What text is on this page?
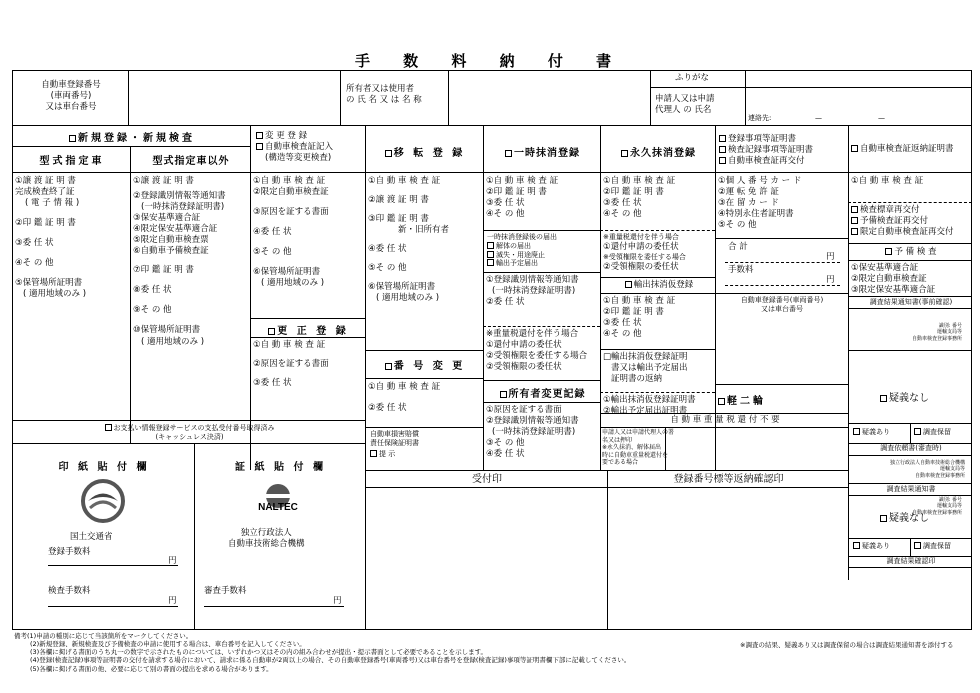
手 数 料 納 付 書
自動車登録番号
(車両番号)
又は車台番号
所有者又は使用者
の 氏 名 又 は 名 称
ふりがな
申請人又は申請
代理人 の 氏名
連絡先:	—	—
新規登録・新規検査
型式指定車	型式指定車以外
①譲 渡 証 明 書
完成検査終了証
( 電 子 情 報 )
②印 鑑 証 明 書
③委 任 状
④そ の 他
⑤保管場所証明書
( 適用地域のみ )
①譲 渡 証 明 書
②登録識別情報等通知書
(一時抹消登録証明書)
③保安基準適合証
④限定保安基準適合証
⑤限定自動車検査票
⑥自動車予備検査証
⑦印 鑑 証 明 書
⑧委 任 状
⑨そ の 他
⑩保管場所証明書
( 適用地域のみ )
変 更 登 録
自動車検査証記入
(構造等変更検査)
①自 動 車 検 査 証
②限定自動車検査証
③原因を証する書面
④委 任 状
⑤そ の 他
⑥保管場所証明書
( 適用地域のみ )
更 正 登 録
①自 動 車 検 査 証
②原因を証する書面
③委 任 状
移 転 登 録
①自 動 車 検 査 証
②譲 渡 証 明 書
③印 鑑 証 明 書
新・旧所有者
④委 任 状
⑤そ の 他
⑥保管場所証明書
( 適用地域のみ )
番 号 変 更
①自 動 車 検 査 証
②委 任 状
自動車損害賠償
責任保険証明書
提 示
一時抹消登録
①自 動 車 検 査 証
②印 鑑 証 明 書
③委 任 状
④そ の 他
一時抹消登録後の届出
解体の届出
滅失・用途廃止
輸出予定届出
①登録識別情報等通知書
(一時抹消登録証明書)
②委 任 状
※重量税還付を伴う場合
①還付申請の委任状
②受領権限を委任する場合
②受領権限の委任状
所有者変更記録
①原因を証する書面
②登録識別情報等通知書
(一時抹消登録証明書)
③そ の 他
④委 任 状
永久抹消登録
①自 動 車 検 査 証
②印 鑑 証 明 書
③委 任 状
④そ の 他
※重量税還付を伴う場合
①還付申請の委任状
※受領権限を委任する場合
②受領権限の委任状
輸出抹消仮登録
①自 動 車 検 査 証
②印 鑑 証 明 書
③委 任 状
④そ の 他
□輸出抹消仮登録証明
書又は輸出予定届出
証明書の返納
①輸出抹消仮登録証明書
②輸出予定届出証明書
自 動 車 重 量 税 還 付 不 要
申請人又は申請代理人の署
名又は押印
※永久抹消、解体届出
時に自動車重量税還付を
要である場合
登録事項等証明書
検査記録事項等証明書
自動車検査証再交付
①個 人 番 号 カ ー ド
②運 転 免 許 証
③在 留 カ ー ド
④特別永住者証明書
⑤そ の 他
合 計
円
手数料
円
自動車登録番号(車両番号)
又は車台番号
軽二輪
自動車検査証返納証明書
①自 動 車 検 査 証
検査標章再交付
予備検査証再交付
限定自動車検査証再交付
予 備 検 査
①保安基準適合証
②限定自動車検査証
③限定保安基準適合証
調査結果通知書(事前確認)
識別: 番号
運輸支局等
自動車検査登録事務所
疑義なし
疑義あり	調査保留
調査依頼書(審査時)
独立行政法人自動車技術総合機構
運輸支局等
自動車検査登録事務所
調査結果通知書
識別: 番号
運輸支局等
自動車検査登録事務所
疑義なし
疑義あり	調査保留
調査結果確認印
お支払い情報登録サービスの支払受付番号取得済み
(キャッシュレス決済)
印 紙 貼 付 欄
国土交通省
登録手数料
円
検査手数料
円
証 紙 貼 付 欄
NALTEC
独立行政法人
自動車技術総合機構
審査手数料
円
受付印	登録番号標等返納確認印
備考(1)申請の種別に応じて当該箇所をマークしてください。
(2)新規登録、新規検査及び予備検査の申請に使用する場合は、車台番号を記入してください。
(3)各欄に掲げる書面のうち丸一の数字で示されたものについては、いずれかつ又はその内の組み合わせが提出・提示書面として必要であることを示します。
(4)登録(検査記録)事項等証明書の交付を請求する場合において、請求に係る自動車が2両以上の場合、その自動車登録番号(車両番号)又は車台番号を登録(検査記録)事項等証明書欄下部に記載してください。
(5)各欄に掲げる書面の他、必要に応じて別の書面の提出を求める場合があります。
※調査の結果、疑義あり又は調査保留の場合は調査結果通知書を添付する
